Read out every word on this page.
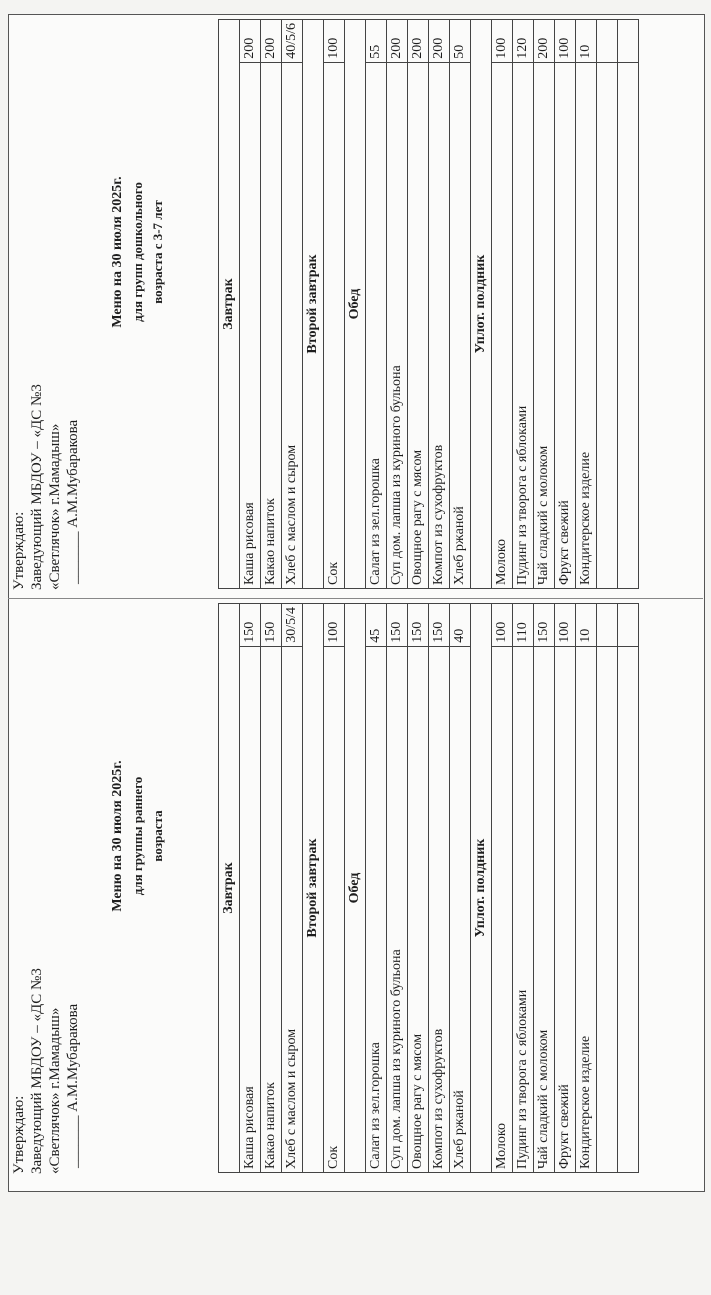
Утверждаю: Заведующий МБДОУ – «ДС №3 «Светлячок» г.Мамадыш» _______ А.М.Мубаракова
Меню на 30 июля 2025г. для групп дошкольного возраста с 3-7 лет
Завтрак	
Каша рисовая	200
Какао напиток	200
Хлеб с маслом и сыром	40/5/6
Второй завтрак	
Сок	100
Обед	
Салат из зел.горошка	55
Суп дом. лапша из куриного бульона	200
Овощное рагу с мясом	200
Компот из сухофруктов	200
Хлеб ржаной	50
Уплот. полдник	
Молоко	100
Пудинг из творога с яблоками	120
Чай сладкий с молоком	200
Фрукт свежий	100
Кондитерское изделие	10

Утверждаю: Заведующий МБДОУ – «ДС №3 «Светлячок» г.Мамадыш» _______ А.М.Мубаракова
Меню на 30 июля 2025г. для группы раннего возраста
Завтрак	
Каша рисовая	150
Какао напиток	150
Хлеб с маслом и сыром	30/5/4
Второй завтрак	
Сок	100
Обед	
Салат из зел.горошка	45
Суп дом. лапша из куриного бульона	150
Овощное рагу с мясом	150
Компот из сухофруктов	150
Хлеб ржаной	40
Уплот. полдник	
Молоко	100
Пудинг из творога с яблоками	110
Чай сладкий с молоком	150
Фрукт свежий	100
Кондитерское изделие	10
